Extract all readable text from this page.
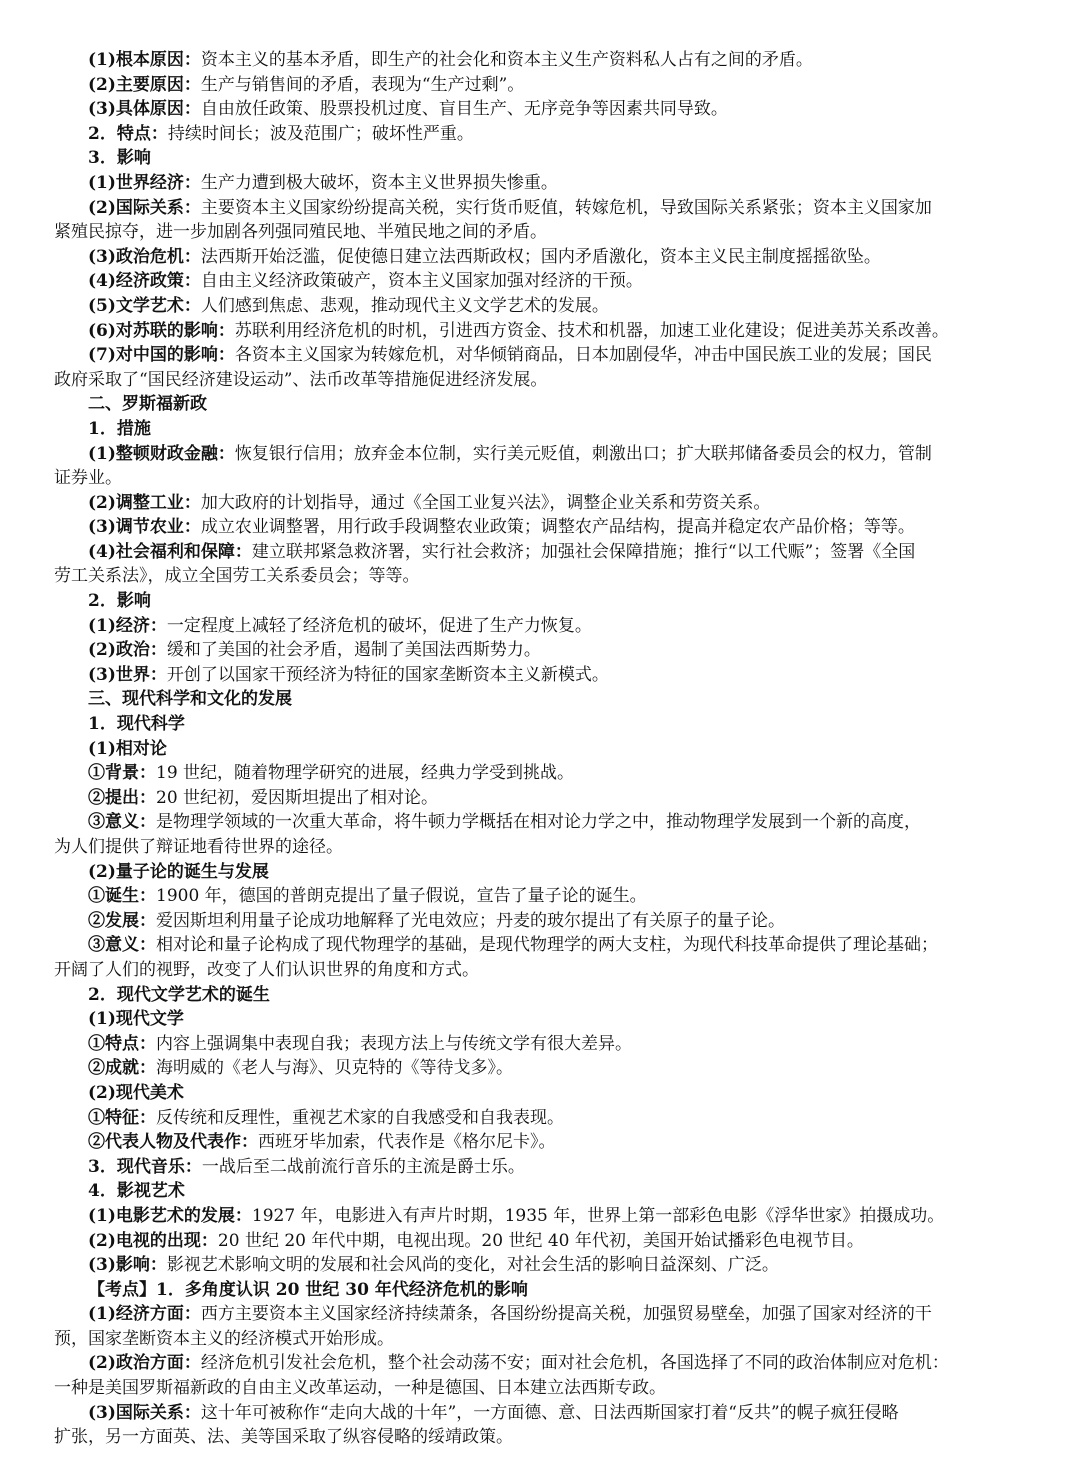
(1)根本原因：资本主义的基本矛盾，即生产的社会化和资本主义生产资料私人占有之间的矛盾。
(2)主要原因：生产与销售间的矛盾，表现为“生产过剩”。
(3)具体原因：自由放任政策、股票投机过度、盲目生产、无序竞争等因素共同导致。
2．特点：持续时间长；波及范围广；破坏性严重。
3．影响
(1)世界经济：生产力遭到极大破坏，资本主义世界损失惨重。
(2)国际关系：主要资本主义国家纷纷提高关税，实行货币贬值，转嫁危机，导致国际关系紧张；资本主义国家加
紧殖民掠夺，进一步加剧各列强同殖民地、半殖民地之间的矛盾。
(3)政治危机：法西斯开始泛滥，促使德日建立法西斯政权；国内矛盾激化，资本主义民主制度摇摇欲坠。
(4)经济政策：自由主义经济政策破产，资本主义国家加强对经济的干预。
(5)文学艺术：人们感到焦虑、悲观，推动现代主义文学艺术的发展。
(6)对苏联的影响：苏联利用经济危机的时机，引进西方资金、技术和机器，加速工业化建设；促进美苏关系改善。
(7)对中国的影响：各资本主义国家为转嫁危机，对华倾销商品，日本加剧侵华，冲击中国民族工业的发展；国民
政府采取了“国民经济建设运动”、法币改革等措施促进经济发展。
二、罗斯福新政
1．措施
(1)整顿财政金融：恢复银行信用；放弃金本位制，实行美元贬值，刺激出口；扩大联邦储备委员会的权力，管制
证券业。
(2)调整工业：加大政府的计划指导，通过《全国工业复兴法》，调整企业关系和劳资关系。
(3)调节农业：成立农业调整署，用行政手段调整农业政策；调整农产品结构，提高并稳定农产品价格；等等。
(4)社会福利和保障：建立联邦紧急救济署，实行社会救济；加强社会保障措施；推行“以工代赈”；签署《全国
劳工关系法》，成立全国劳工关系委员会；等等。
2．影响
(1)经济：一定程度上减轻了经济危机的破坏，促进了生产力恢复。
(2)政治：缓和了美国的社会矛盾，遏制了美国法西斯势力。
(3)世界：开创了以国家干预经济为特征的国家垄断资本主义新模式。
三、现代科学和文化的发展
1．现代科学
(1)相对论
①背景：19 世纪，随着物理学研究的进展，经典力学受到挑战。
②提出：20 世纪初，爱因斯坦提出了相对论。
③意义：是物理学领域的一次重大革命，将牛顿力学概括在相对论力学之中，推动物理学发展到一个新的高度，
为人们提供了辩证地看待世界的途径。
(2)量子论的诞生与发展
①诞生：1900 年，德国的普朗克提出了量子假说，宣告了量子论的诞生。
②发展：爱因斯坦利用量子论成功地解释了光电效应；丹麦的玻尔提出了有关原子的量子论。
③意义：相对论和量子论构成了现代物理学的基础，是现代物理学的两大支柱，为现代科技革命提供了理论基础；
开阔了人们的视野，改变了人们认识世界的角度和方式。
2．现代文学艺术的诞生
(1)现代文学
①特点：内容上强调集中表现自我；表现方法上与传统文学有很大差异。
②成就：海明威的《老人与海》、贝克特的《等待戈多》。
(2)现代美术
①特征：反传统和反理性，重视艺术家的自我感受和自我表现。
②代表人物及代表作：西班牙毕加索，代表作是《格尔尼卡》。
3．现代音乐：一战后至二战前流行音乐的主流是爵士乐。
4．影视艺术
(1)电影艺术的发展：1927 年，电影进入有声片时期，1935 年，世界上第一部彩色电影《浮华世家》拍摄成功。
(2)电视的出现：20 世纪 20 年代中期，电视出现。20 世纪 40 年代初，美国开始试播彩色电视节目。
(3)影响：影视艺术影响文明的发展和社会风尚的变化，对社会生活的影响日益深刻、广泛。
【考点】1．多角度认识 20 世纪 30 年代经济危机的影响
(1)经济方面：西方主要资本主义国家经济持续萧条，各国纷纷提高关税，加强贸易壁垒，加强了国家对经济的干
预，国家垄断资本主义的经济模式开始形成。
(2)政治方面：经济危机引发社会危机，整个社会动荡不安；面对社会危机，各国选择了不同的政治体制应对危机：
一种是美国罗斯福新政的自由主义改革运动，一种是德国、日本建立法西斯专政。
(3)国际关系：这十年可被称作“走向大战的十年”，一方面德、意、日法西斯国家打着“反共”的幌子疯狂侵略
扩张，另一方面英、法、美等国采取了纵容侵略的绥靖政策。
